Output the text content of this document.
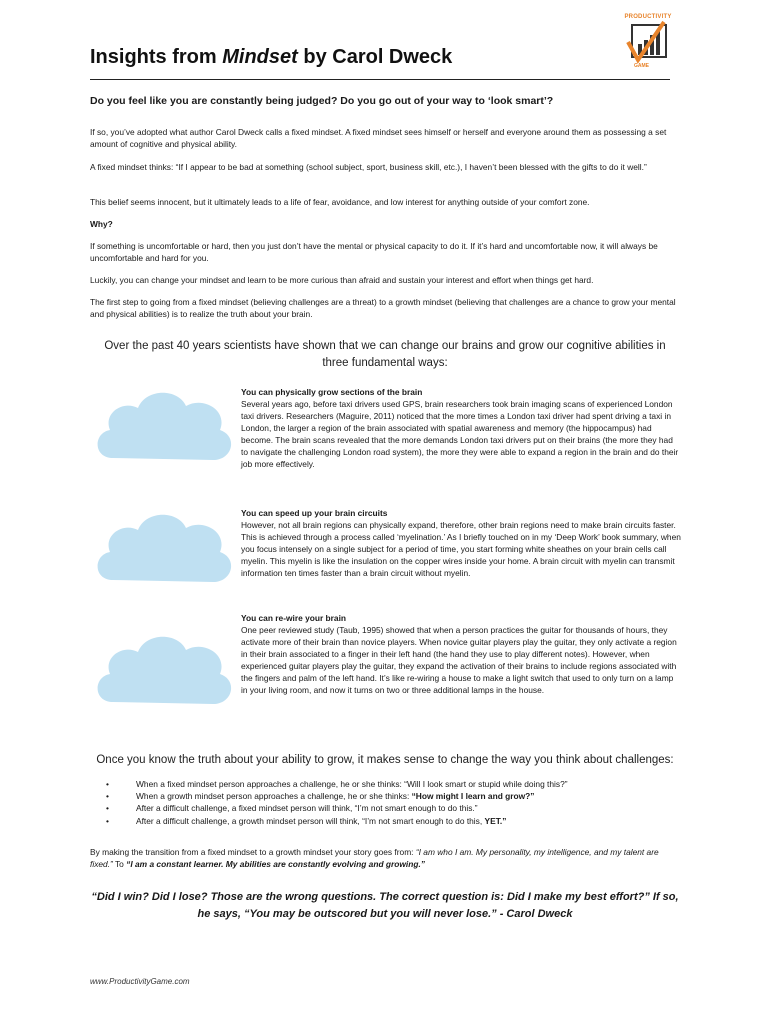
Insights from Mindset by Carol Dweck
PRODUCTIVITY
GAME
Do you feel like you are constantly being judged? Do you go out of your way to ‘look smart’?
If so, you’ve adopted what author Carol Dweck calls a fixed mindset. A fixed mindset sees himself or herself and everyone around them as possessing a set amount of cognitive and physical ability.
A fixed mindset thinks: “If I appear to be bad at something (school subject, sport, business skill, etc.), I haven’t been blessed with the gifts to do it well.”
This belief seems innocent, but it ultimately leads to a life of fear, avoidance, and low interest for anything outside of your comfort zone.
Why?
If something is uncomfortable or hard, then you just don’t have the mental or physical capacity to do it. If it’s hard and uncomfortable now, it will always be uncomfortable and hard for you.
Luckily, you can change your mindset and learn to be more curious than afraid and sustain your interest and effort when things get hard.
The first step to going from a fixed mindset (believing challenges are a threat) to a growth mindset (believing that challenges are a chance to grow your mental and physical abilities) is to realize the truth about your brain.
Over the past 40 years scientists have shown that we can change our brains and grow our cognitive abilities in three fundamental ways:
You can physically grow sections of the brain
Several years ago, before taxi drivers used GPS, brain researchers took brain imaging scans of experienced London taxi drivers. Researchers (Maguire, 2011) noticed that the more times a London taxi driver had spent driving a taxi in London, the larger a region of the brain associated with spatial awareness and memory (the hippocampus) had become. The brain scans revealed that the more demands London taxi drivers put on their brains (the more they had to navigate the challenging London road system), the more they were able to expand a region in the brain and do their job more effectively.
You can speed up your brain circuits
However, not all brain regions can physically expand, therefore, other brain regions need to make brain circuits faster. This is achieved through a process called ‘myelination.’ As I briefly touched on in my ‘Deep Work’ book summary, when you focus intensely on a single subject for a period of time, you start forming white sheathes on your brain cells call myelin. This myelin is like the insulation on the copper wires inside your home. A brain circuit with myelin can transmit information ten times faster than a brain circuit without myelin.
You can re-wire your brain
One peer reviewed study (Taub, 1995) showed that when a person practices the guitar for thousands of hours, they activate more of their brain than novice players. When novice guitar players play the guitar, they only activate a region in their brain associated to a finger in their left hand (the hand they use to play different notes). However, when experienced guitar players play the guitar, they expand the activation of their brains to include regions associated with the fingers and palm of the left hand. It’s like re-wiring a house to make a light switch that used to only turn on a lamp in your living room, and now it turns on two or three additional lamps in the house.
Once you know the truth about your ability to grow, it makes sense to change the way you think about challenges:
•	When a fixed mindset person approaches a challenge, he or she thinks: “Will I look smart or stupid while doing this?”
•	When a growth mindset person approaches a challenge, he or she thinks: “How might I learn and grow?”
•	After a difficult challenge, a fixed mindset person will think, “I’m not smart enough to do this.”
•	After a difficult challenge, a growth mindset person will think, “I’m not smart enough to do this, YET.”
By making the transition from a fixed mindset to a growth mindset your story goes from: “I am who I am. My personality, my intelligence, and my talent are fixed.” To “I am a constant learner. My abilities are constantly evolving and growing.”
“Did I win? Did I lose? Those are the wrong questions. The correct question is: Did I make my best effort?” If so, he says, “You may be outscored but you will never lose.” - Carol Dweck
www.ProductivityGame.com
